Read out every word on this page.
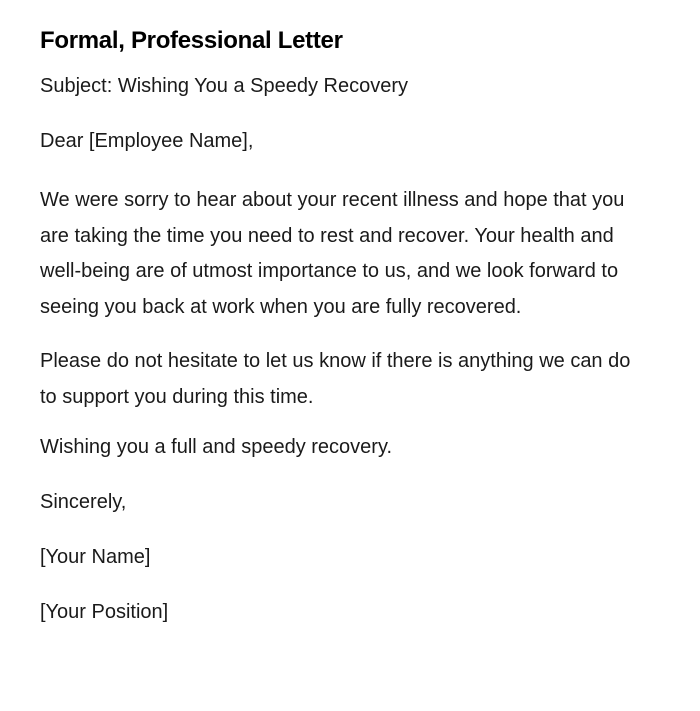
Formal, Professional Letter

Subject: Wishing You a Speedy Recovery

Dear [Employee Name],

We were sorry to hear about your recent illness and hope that you are taking the time you need to rest and recover. Your health and well-being are of utmost importance to us, and we look forward to seeing you back at work when you are fully recovered.

Please do not hesitate to let us know if there is anything we can do to support you during this time.

Wishing you a full and speedy recovery.

Sincerely,

[Your Name]

[Your Position]
